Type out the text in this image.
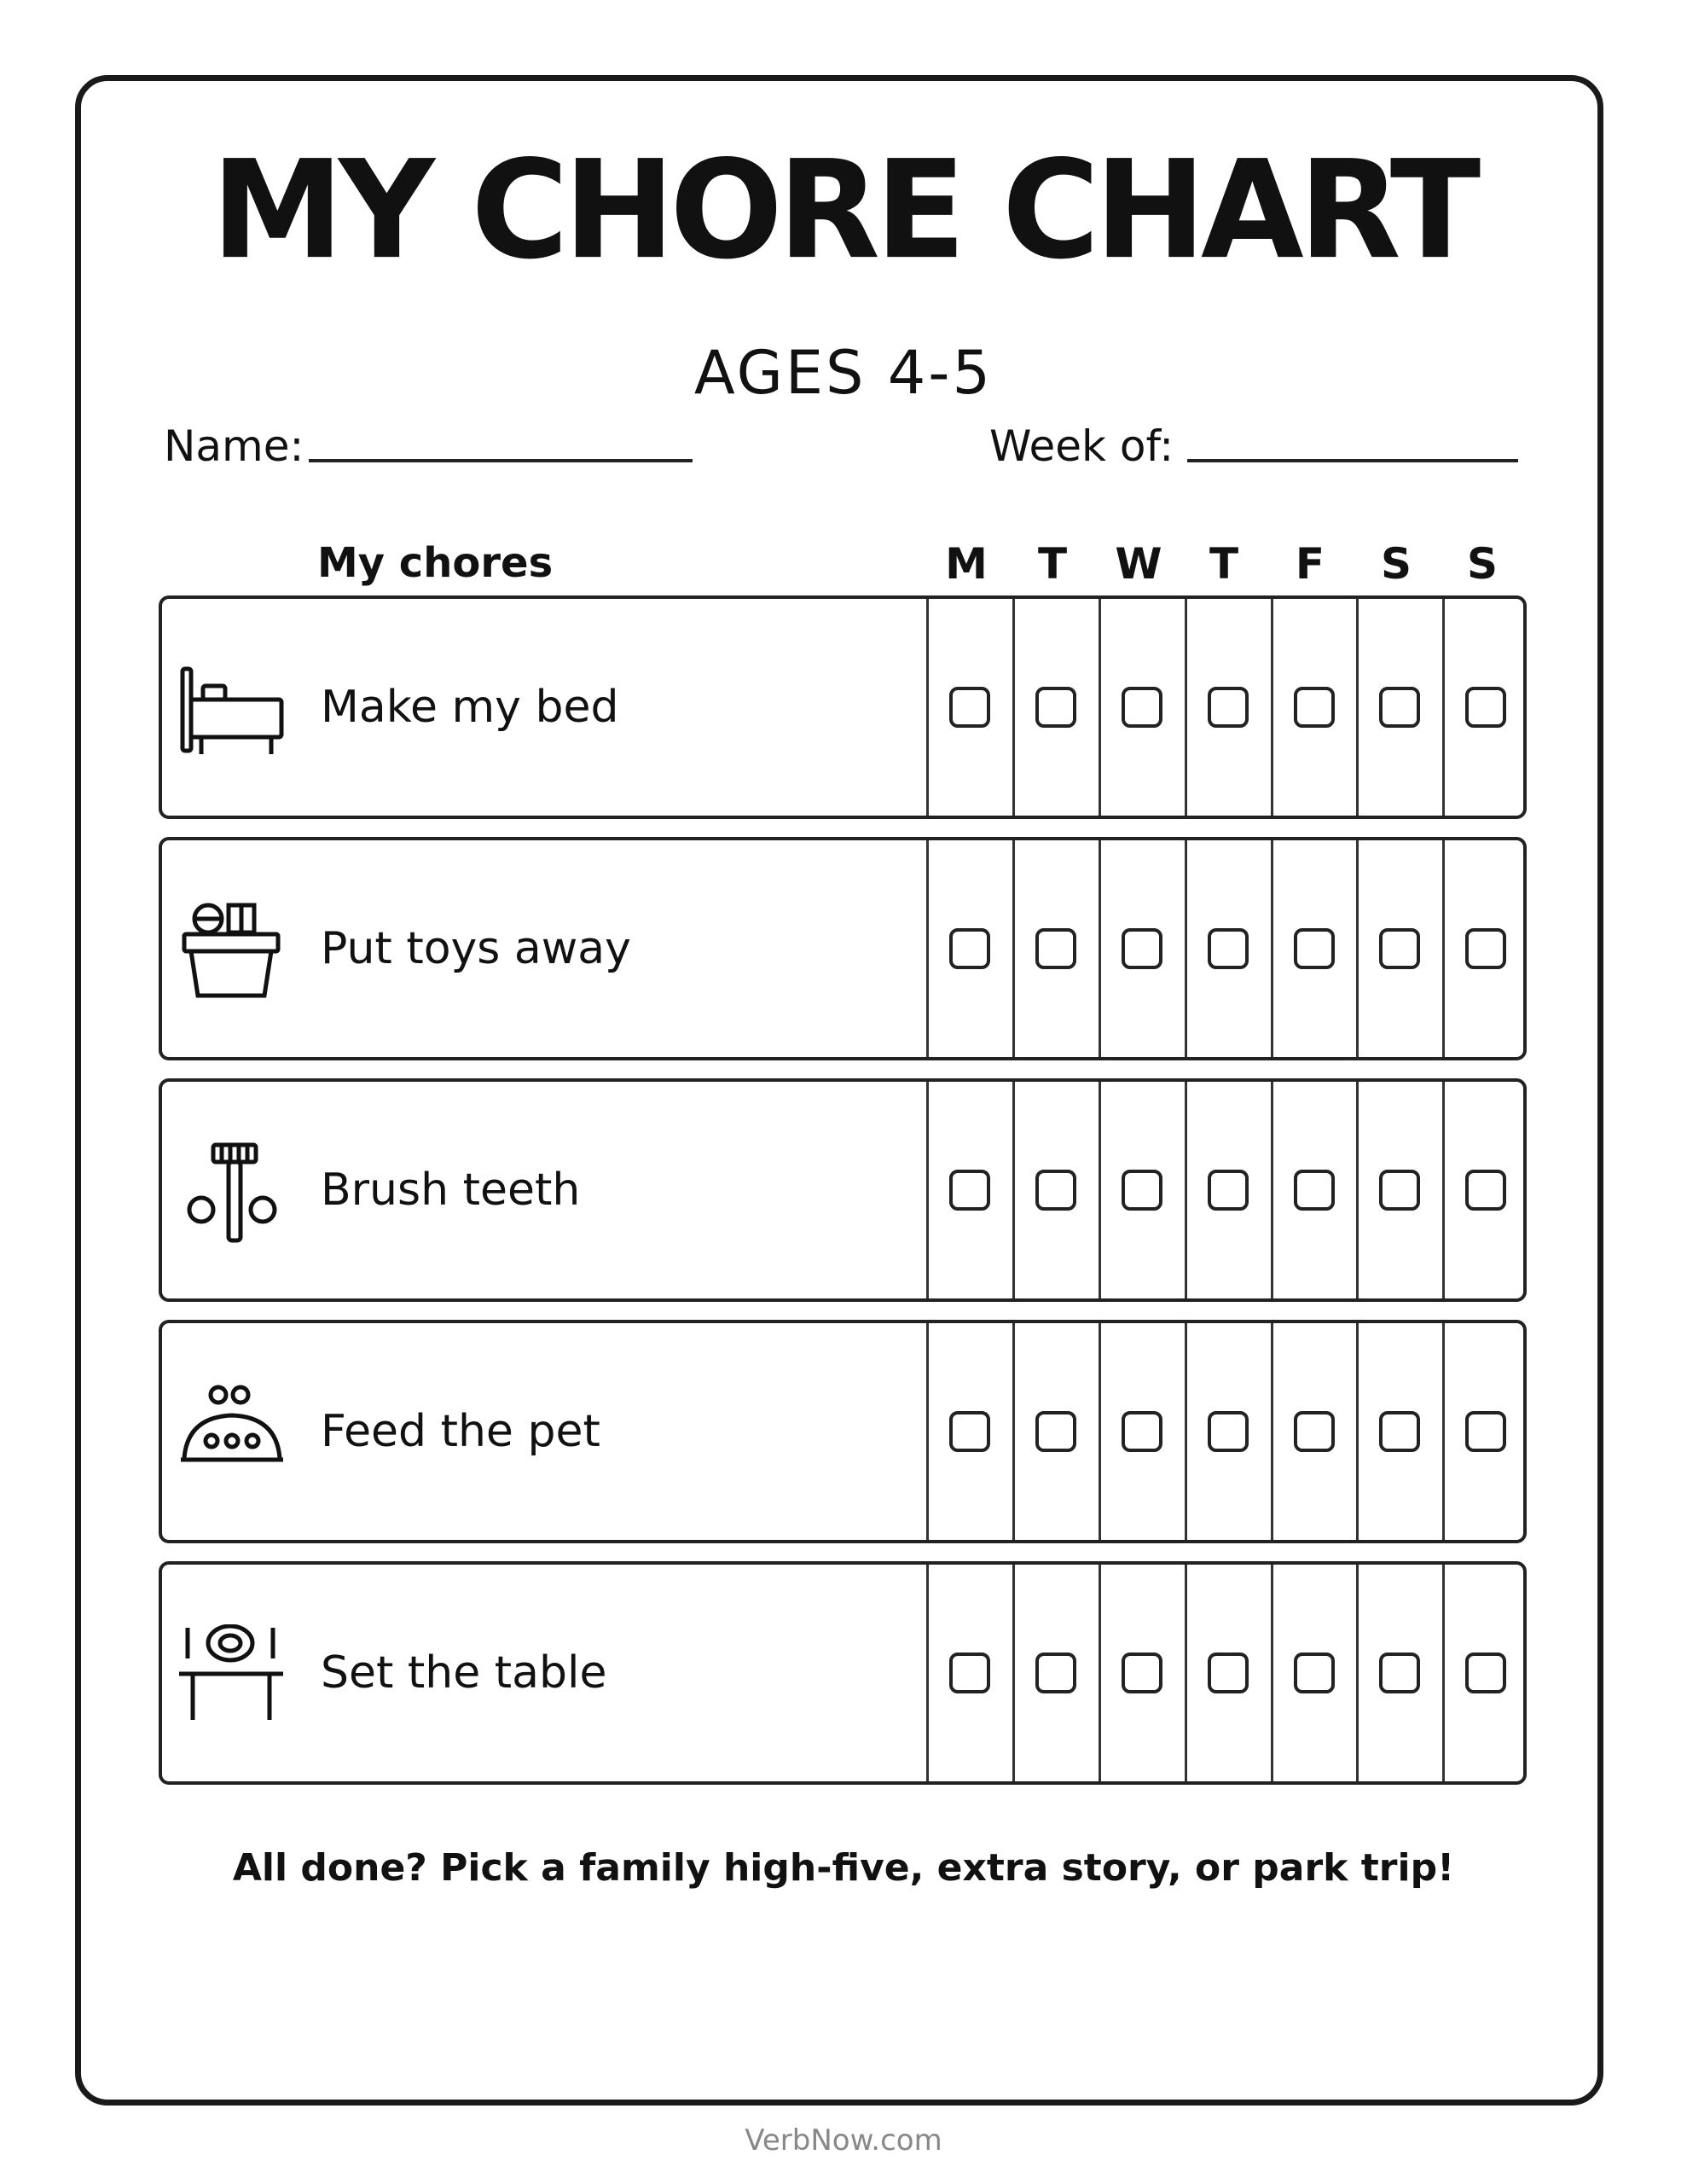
MY CHORE CHART
AGES 4-5
Name:	Week of:
My chores	M	T	W	T	F	S	S
Make my bed
Put toys away
Brush teeth
Feed the pet
Set the table
All done? Pick a family high-five, extra story, or park trip!
VerbNow.com
